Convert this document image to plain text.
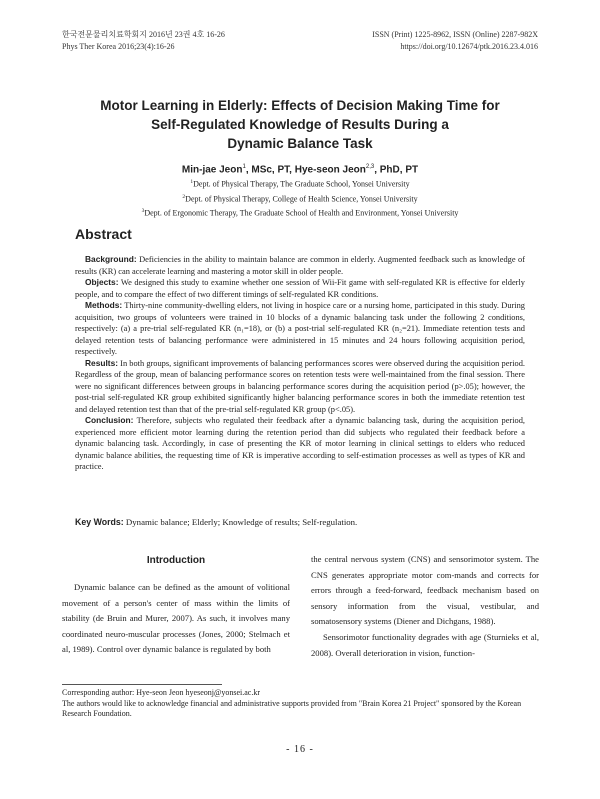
한국전문물리치료학회지 2016년 23권 4호 16-26
Phys Ther Korea 2016;23(4):16-26
ISSN (Print) 1225-8962, ISSN (Online) 2287-982X
https://doi.org/10.12674/ptk.2016.23.4.016
Motor Learning in Elderly: Effects of Decision Making Time for
Self-Regulated Knowledge of Results During a
Dynamic Balance Task
Min-jae Jeon$^1$, MSc, PT, Hye-seon Jeon$^{2,3}$, PhD, PT
$^1$Dept. of Physical Therapy, The Graduate School, Yonsei University
$^2$Dept. of Physical Therapy, College of Health Science, Yonsei University
$^3$Dept. of Ergonomic Therapy, The Graduate School of Health and Environment, Yonsei University
Abstract

Background: Deficiencies in the ability to maintain balance are common in elderly. Augmented feedback such as knowledge of results (KR) can accelerate learning and mastering a motor skill in older people.

Objects: We designed this study to examine whether one session of Wii-Fit game with self-regulated KR is effective for elderly people, and to compare the effect of two different timings of self-regulated KR conditions.

Methods: Thirty-nine community-dwelling elders, not living in hospice care or a nursing home, participated in this study. During acquisition, two groups of volunteers were trained in 10 blocks of a dynamic balancing task under the following 2 conditions, respectively: (a) a pre-trial self-regulated KR (n₁=18), or (b) a post-trial self-regulated KR (n₂=21). Immediate retention tests and delayed retention tests of balancing performance were administered in 15 minutes and 24 hours following acquisition period, respectively.

Results: In both groups, significant improvements of balancing performances scores were observed during the acquisition period. Regardless of the group, mean of balancing performance scores on retention tests were well-maintained from the final session. There were no significant differences between groups in balancing performance scores during the acquisition period (p>.05); however, the post-trial self-regulated KR group exhibited significantly higher balancing performance scores in both the immediate retention test and delayed retention test than that of the pre-trial self-regulated KR group (p<.05).

Conclusion: Therefore, subjects who regulated their feedback after a dynamic balancing task, during the acquisition period, experienced more efficient motor learning during the retention period than did subjects who regulated their feedback before a dynamic balancing task. Accordingly, in case of presenting the KR of motor learning in clinical settings to elders who reduced dynamic balance abilities, the requesting time of KR is imperative according to self-estimation processes as well as types of KR and practice.

Key Words: Dynamic balance; Elderly; Knowledge of results; Self-regulation.
Introduction

Dynamic balance can be defined as the amount of volitional movement of a person's center of mass within the limits of stability (de Bruin and Murer, 2007). As such, it involves many coordinated neuro-muscular processes (Jones, 2000; Stelmach et al, 1989). Control over dynamic balance is regulated by both

the central nervous system (CNS) and sensorimotor system. The CNS generates appropriate motor com-mands and corrects for errors through a feed-forward, feedback mechanism based on sensory information from the visual, vestibular, and somatosensory systems (Diener and Dichgans, 1988).

Sensorimotor functionality degrades with age (Sturnieks et al, 2008). Overall deterioration in vision, function-

Corresponding author: Hye-seon Jeon hyeseonj@yonsei.ac.kr

The authors would like to acknowledge financial and administrative supports provided from "Brain Korea 21 Project" sponsored by the Korean Research Foundation.

- 16 -
